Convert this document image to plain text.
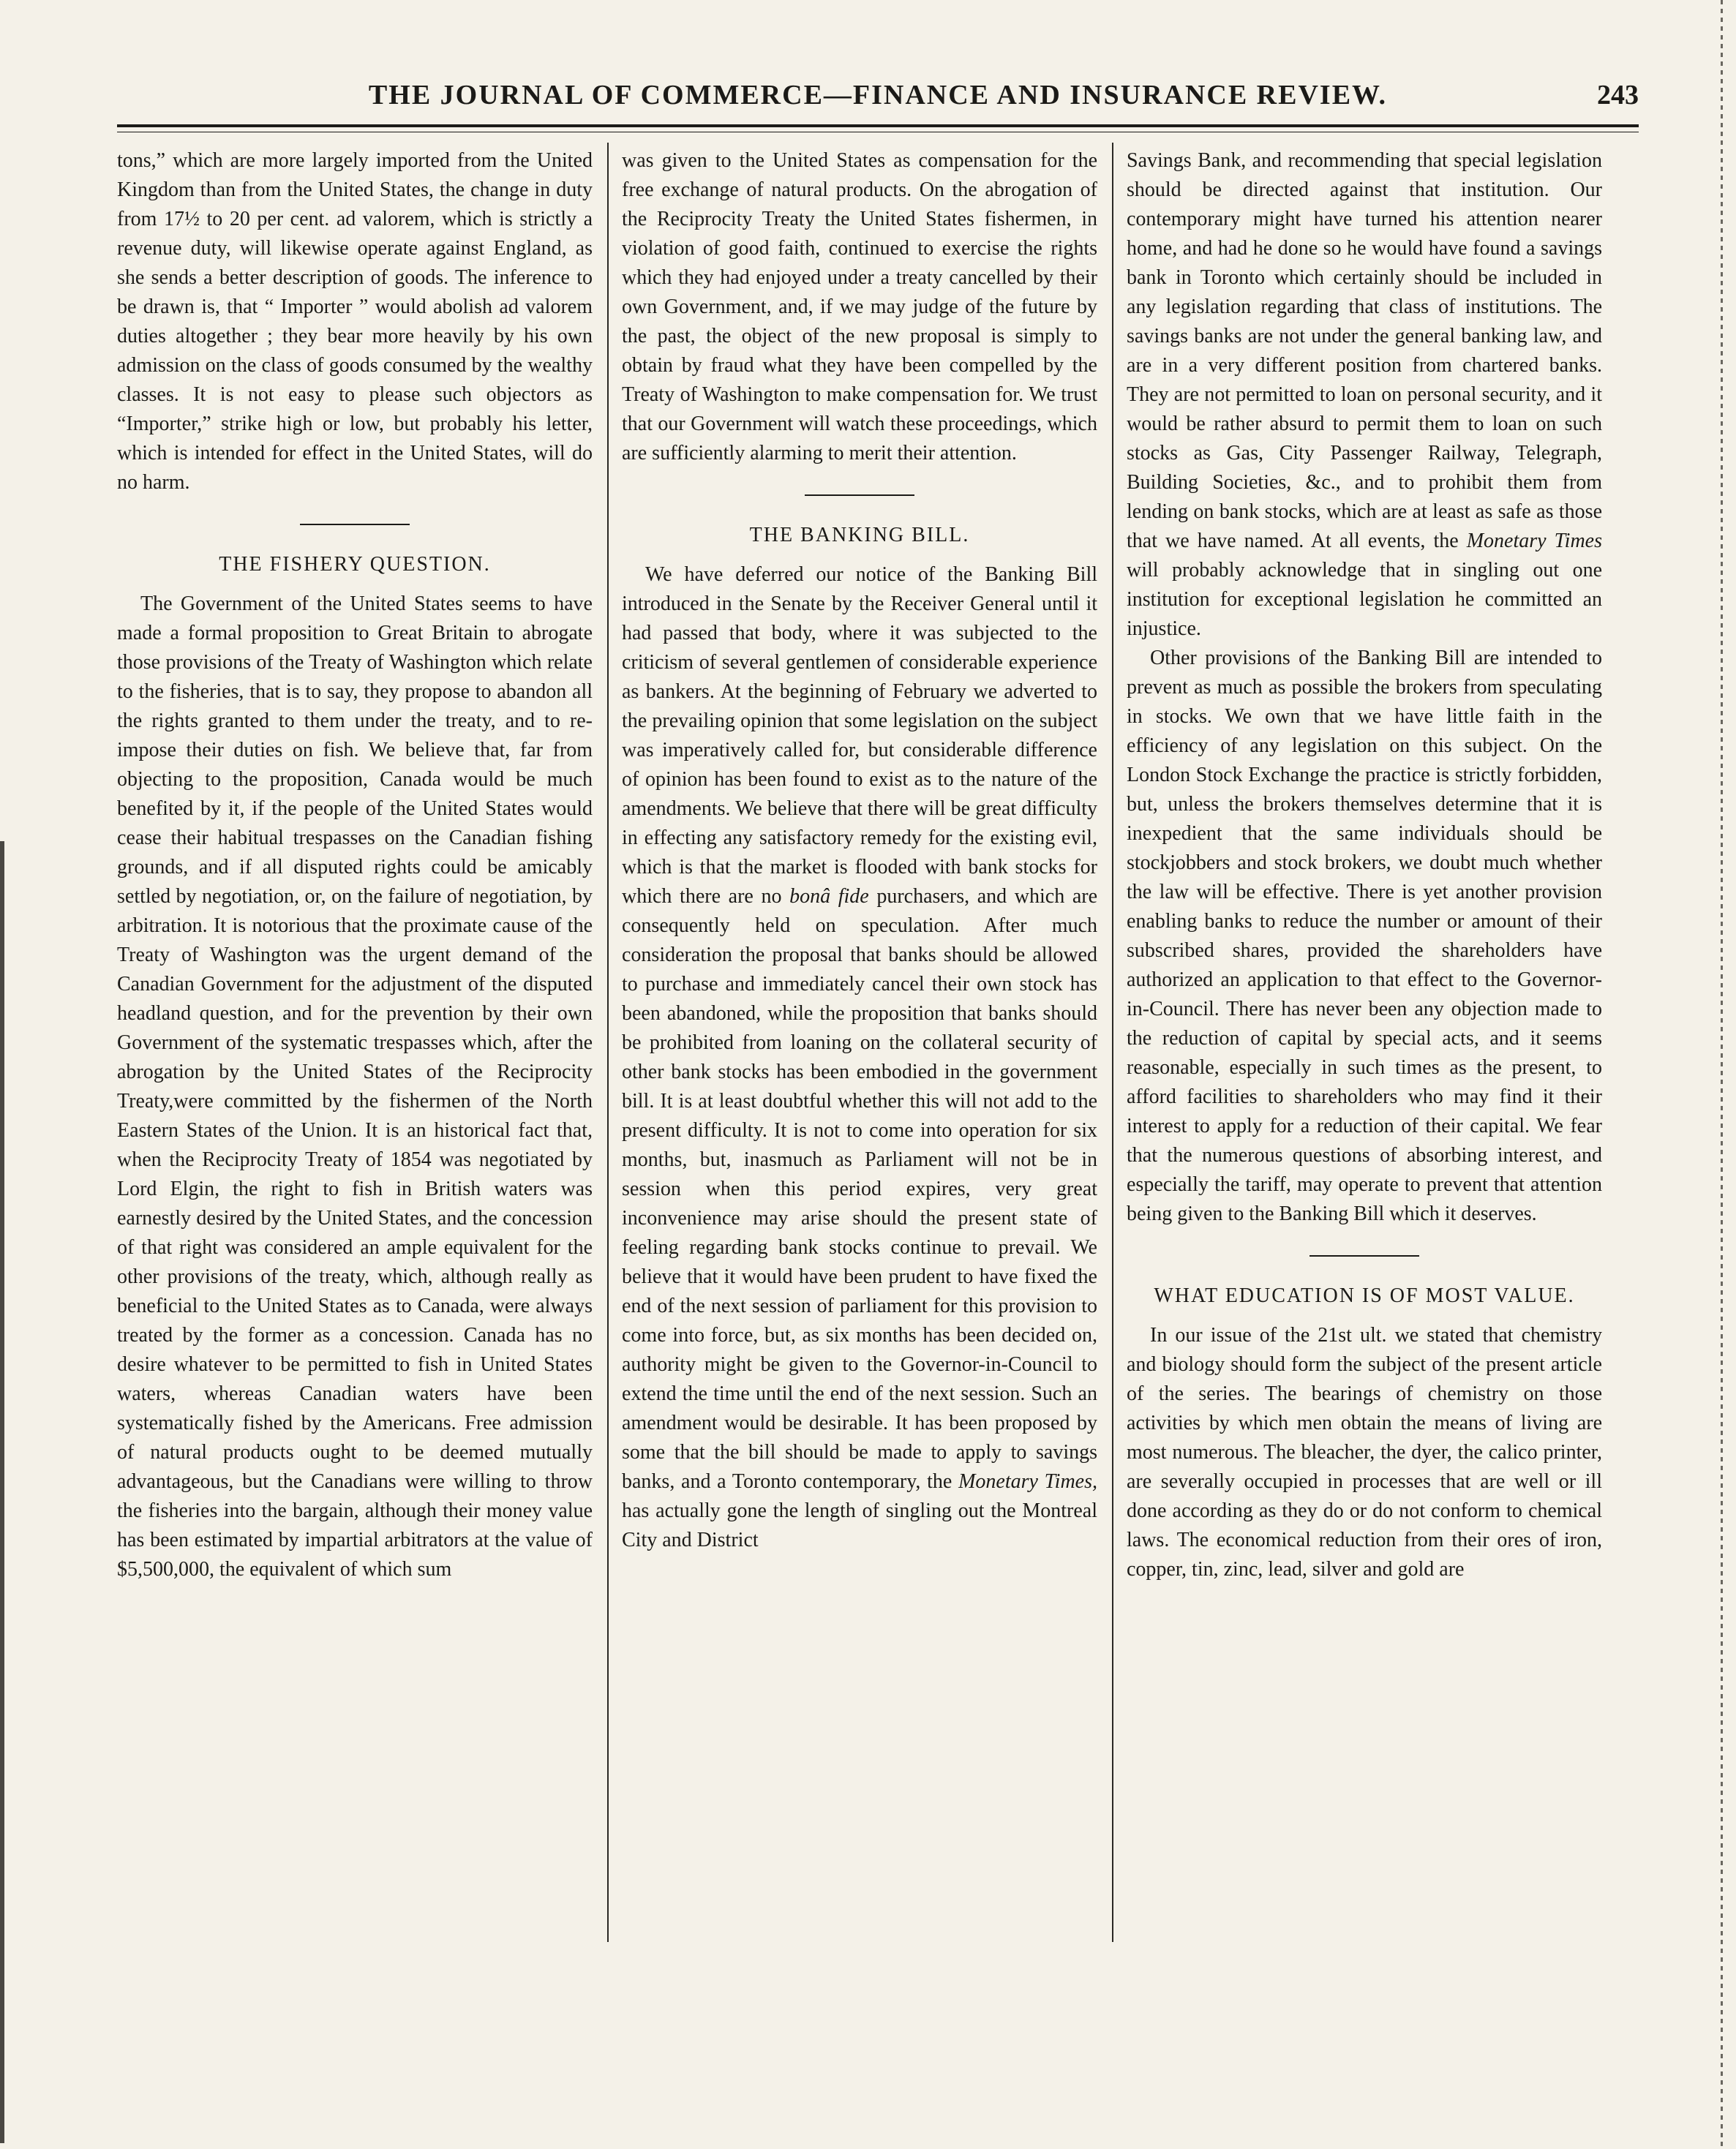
THE JOURNAL OF COMMERCE—FINANCE AND INSURANCE REVIEW.	243

tons,” which are more largely imported from the United Kingdom than from the United States, the change in duty from 17½ to 20 per cent. ad valorem, which is strictly a revenue duty, will likewise operate against England, as she sends a better description of goods. The inference to be drawn is, that “ Importer ” would abolish ad valorem duties altogether ; they bear more heavily by his own admission on the class of goods consumed by the wealthy classes. It is not easy to please such objectors as “Importer,” strike high or low, but probably his letter, which is intended for effect in the United States, will do no harm.

THE FISHERY QUESTION.

The Government of the United States seems to have made a formal proposition to Great Britain to abrogate those provisions of the Treaty of Washington which relate to the fisheries, that is to say, they propose to abandon all the rights granted to them under the treaty, and to re-impose their duties on fish. We believe that, far from objecting to the proposition, Canada would be much benefited by it, if the people of the United States would cease their habitual trespasses on the Canadian fishing grounds, and if all disputed rights could be amicably settled by negotiation, or, on the failure of negotiation, by arbitration. It is notorious that the proximate cause of the Treaty of Washington was the urgent demand of the Canadian Government for the adjustment of the disputed headland question, and for the prevention by their own Government of the systematic trespasses which, after the abrogation by the United States of the Reciprocity Treaty,were committed by the fishermen of the North Eastern States of the Union. It is an historical fact that, when the Reciprocity Treaty of 1854 was negotiated by Lord Elgin, the right to fish in British waters was earnestly desired by the United States, and the concession of that right was considered an ample equivalent for the other provisions of the treaty, which, although really as beneficial to the United States as to Canada, were always treated by the former as a concession. Canada has no desire whatever to be permitted to fish in United States waters, whereas Canadian waters have been systematically fished by the Americans. Free admission of natural products ought to be deemed mutually advantageous, but the Canadians were willing to throw the fisheries into the bargain, although their money value has been estimated by impartial arbitrators at the value of $5,500,000, the equivalent of which sum

was given to the United States as compensation for the free exchange of natural products. On the abrogation of the Reciprocity Treaty the United States fishermen, in violation of good faith, continued to exercise the rights which they had enjoyed under a treaty cancelled by their own Government, and, if we may judge of the future by the past, the object of the new proposal is simply to obtain by fraud what they have been compelled by the Treaty of Washington to make compensation for. We trust that our Government will watch these proceedings, which are sufficiently alarming to merit their attention.

THE BANKING BILL.

We have deferred our notice of the Banking Bill introduced in the Senate by the Receiver General until it had passed that body, where it was subjected to the criticism of several gentlemen of considerable experience as bankers. At the beginning of February we adverted to the prevailing opinion that some legislation on the subject was imperatively called for, but considerable difference of opinion has been found to exist as to the nature of the amendments. We believe that there will be great difficulty in effecting any satisfactory remedy for the existing evil, which is that the market is flooded with bank stocks for which there are no bonâ fide purchasers, and which are consequently held on speculation. After much consideration the proposal that banks should be allowed to purchase and immediately cancel their own stock has been abandoned, while the proposition that banks should be prohibited from loaning on the collateral security of other bank stocks has been embodied in the government bill. It is at least doubtful whether this will not add to the present difficulty. It is not to come into operation for six months, but, inasmuch as Parliament will not be in session when this period expires, very great inconvenience may arise should the present state of feeling regarding bank stocks continue to prevail. We believe that it would have been prudent to have fixed the end of the next session of parliament for this provision to come into force, but, as six months has been decided on, authority might be given to the Governor-in-Council to extend the time until the end of the next session. Such an amendment would be desirable. It has been proposed by some that the bill should be made to apply to savings banks, and a Toronto contemporary, the Monetary Times, has actually gone the length of singling out the Montreal City and District

Savings Bank, and recommending that special legislation should be directed against that institution. Our contemporary might have turned his attention nearer home, and had he done so he would have found a savings bank in Toronto which certainly should be included in any legislation regarding that class of institutions. The savings banks are not under the general banking law, and are in a very different position from chartered banks. They are not permitted to loan on personal security, and it would be rather absurd to permit them to loan on such stocks as Gas, City Passenger Railway, Telegraph, Building Societies, &c., and to prohibit them from lending on bank stocks, which are at least as safe as those that we have named. At all events, the Monetary Times will probably acknowledge that in singling out one institution for exceptional legislation he committed an injustice.

Other provisions of the Banking Bill are intended to prevent as much as possible the brokers from speculating in stocks. We own that we have little faith in the efficiency of any legislation on this subject. On the London Stock Exchange the practice is strictly forbidden, but, unless the brokers themselves determine that it is inexpedient that the same individuals should be stockjobbers and stock brokers, we doubt much whether the law will be effective. There is yet another provision enabling banks to reduce the number or amount of their subscribed shares, provided the shareholders have authorized an application to that effect to the Governor-in-Council. There has never been any objection made to the reduction of capital by special acts, and it seems reasonable, especially in such times as the present, to afford facilities to shareholders who may find it their interest to apply for a reduction of their capital. We fear that the numerous questions of absorbing interest, and especially the tariff, may operate to prevent that attention being given to the Banking Bill which it deserves.

WHAT EDUCATION IS OF MOST VALUE.

In our issue of the 21st ult. we stated that chemistry and biology should form the subject of the present article of the series. The bearings of chemistry on those activities by which men obtain the means of living are most numerous. The bleacher, the dyer, the calico printer, are severally occupied in processes that are well or ill done according as they do or do not conform to chemical laws. The economical reduction from their ores of iron, copper, tin, zinc, lead, silver and gold are
